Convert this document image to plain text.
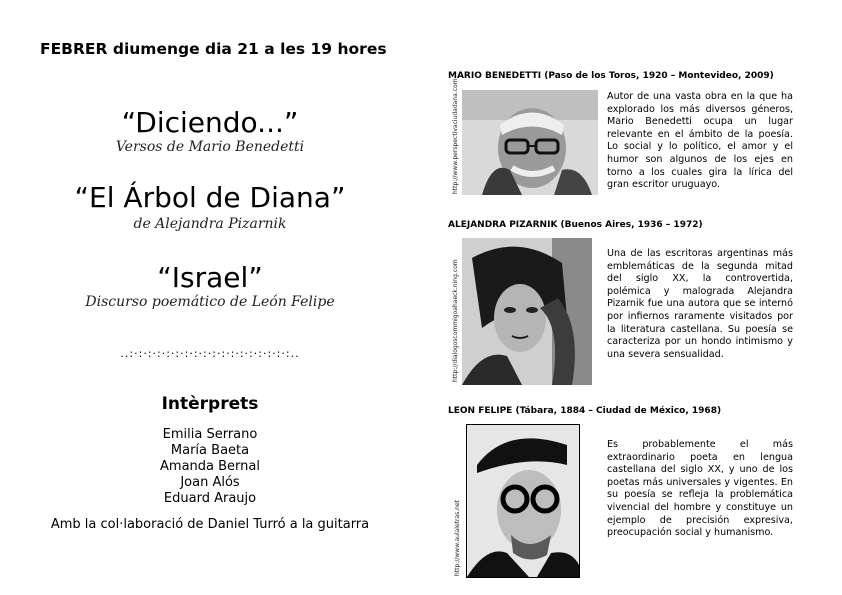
FEBRER diumenge dia 21 a les 19 hores
“Diciendo...”
Versos de Mario Benedetti
“El Árbol de Diana”
de Alejandra Pizarnik
“Israel”
Discurso poemático de León Felipe
..:·:·:·:·:·:·:·:·:·:·:·:·:·:·:·:·:·:..
Intèrprets
Emilia Serrano
María Baeta
Amanda Bernal
Joan Alós
Eduard Araujo
Amb la col·laboració de Daniel Turró a la guitarra
MARIO BENEDETTI (Paso de los Toros, 1920 – Montevideo, 2009)
http://www.perspectivaciudadana.com	Autor de una vasta obra en la que ha explorado los más diversos géneros, Mario Benedetti ocupa un lugar relevante en el ámbito de la poesía. Lo social y lo político, el amor y el humor son algunos de los ejes en torno a los cuales gira la lírica del gran escritor uruguayo.
ALEJANDRA PIZARNIK (Buenos Aires, 1936 – 1972)
http://dialogoscommigoahaeck.ning.com
Una de las escritoras argentinas más emblemáticas de la segunda mitad del siglo XX, la controvertida, polémica y malograda Alejandra Pizarnik fue una autora que se internó por infiernos raramente visitados por la literatura castellana. Su poesía se caracteriza por un hondo intimismo y una severa sensualidad.
LEON FELIPE (Tábara, 1884 – Ciudad de México, 1968)
http://www.aulaletras.net
Es probablemente el más extraordinario poeta en lengua castellana del siglo XX, y uno de los poetas más universales y vigentes. En su poesía se refleja la problemática vivencial del hombre y constituye un ejemplo de precisión expresiva, preocupación social y humanismo.
